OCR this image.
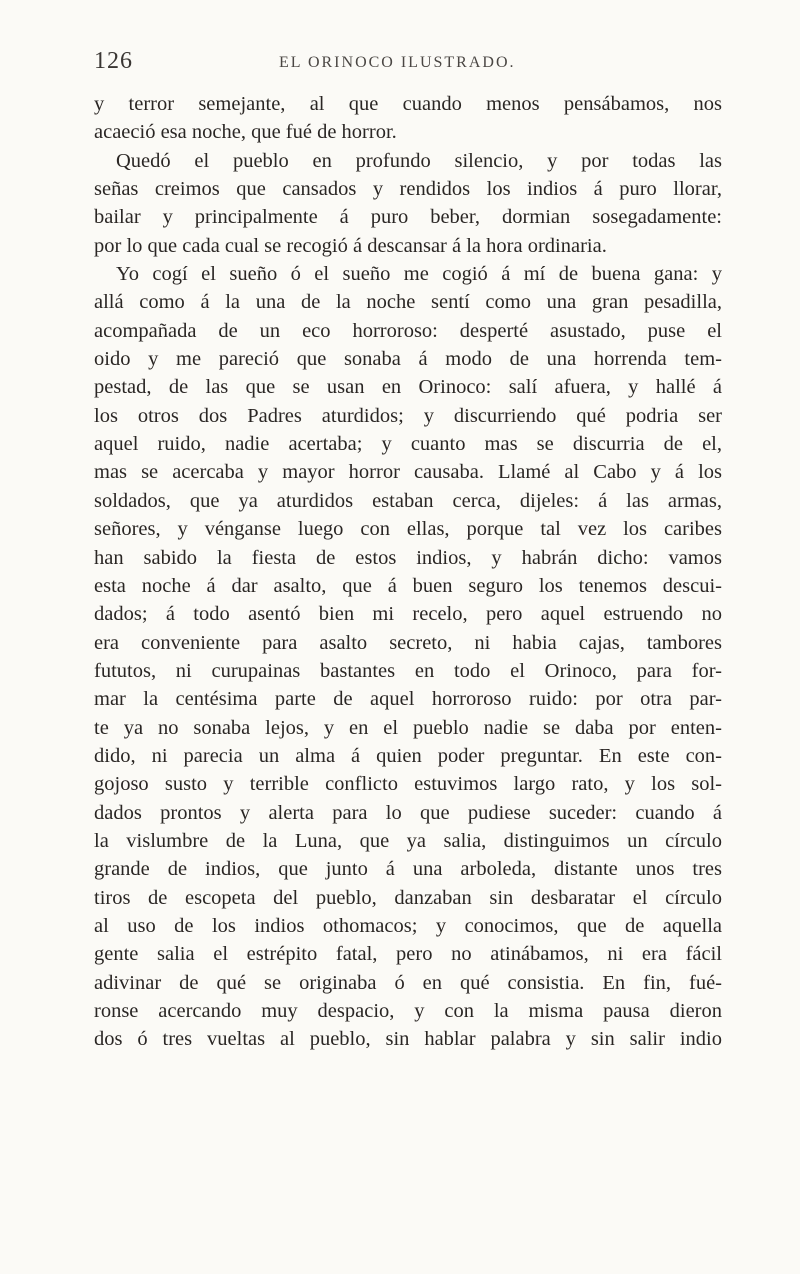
126	EL ORINOCO ILUSTRADO.
y terror semejante, al que cuando menos pensábamos, nos
acaeció esa noche, que fué de horror.
Quedó el pueblo en profundo silencio, y por todas las
señas creimos que cansados y rendidos los indios á puro llorar,
bailar y principalmente á puro beber, dormian sosegadamente:
por lo que cada cual se recogió á descansar á la hora ordinaria.
Yo cogí el sueño ó el sueño me cogió á mí de buena gana: y
allá como á la una de la noche sentí como una gran pesadilla,
acompañada de un eco horroroso: desperté asustado, puse el
oido y me pareció que sonaba á modo de una horrenda tem-
pestad, de las que se usan en Orinoco: salí afuera, y hallé á
los otros dos Padres aturdidos; y discurriendo qué podria ser
aquel ruido, nadie acertaba; y cuanto mas se discurria de el,
mas se acercaba y mayor horror causaba. Llamé al Cabo y á los
soldados, que ya aturdidos estaban cerca, dijeles: á las armas,
señores, y vénganse luego con ellas, porque tal vez los caribes
han sabido la fiesta de estos indios, y habrán dicho: vamos
esta noche á dar asalto, que á buen seguro los tenemos descui-
dados; á todo asentó bien mi recelo, pero aquel estruendo no
era conveniente para asalto secreto, ni habia cajas, tambores
fututos, ni curupainas bastantes en todo el Orinoco, para for-
mar la centésima parte de aquel horroroso ruido: por otra par-
te ya no sonaba lejos, y en el pueblo nadie se daba por enten-
dido, ni parecia un alma á quien poder preguntar. En este con-
gojoso susto y terrible conflicto estuvimos largo rato, y los sol-
dados prontos y alerta para lo que pudiese suceder: cuando á
la vislumbre de la Luna, que ya salia, distinguimos un círculo
grande de indios, que junto á una arboleda, distante unos tres
tiros de escopeta del pueblo, danzaban sin desbaratar el círculo
al uso de los indios othomacos; y conocimos, que de aquella
gente salia el estrépito fatal, pero no atinábamos, ni era fácil
adivinar de qué se originaba ó en qué consistia. En fin, fué-
ronse acercando muy despacio, y con la misma pausa dieron
dos ó tres vueltas al pueblo, sin hablar palabra y sin salir indio
